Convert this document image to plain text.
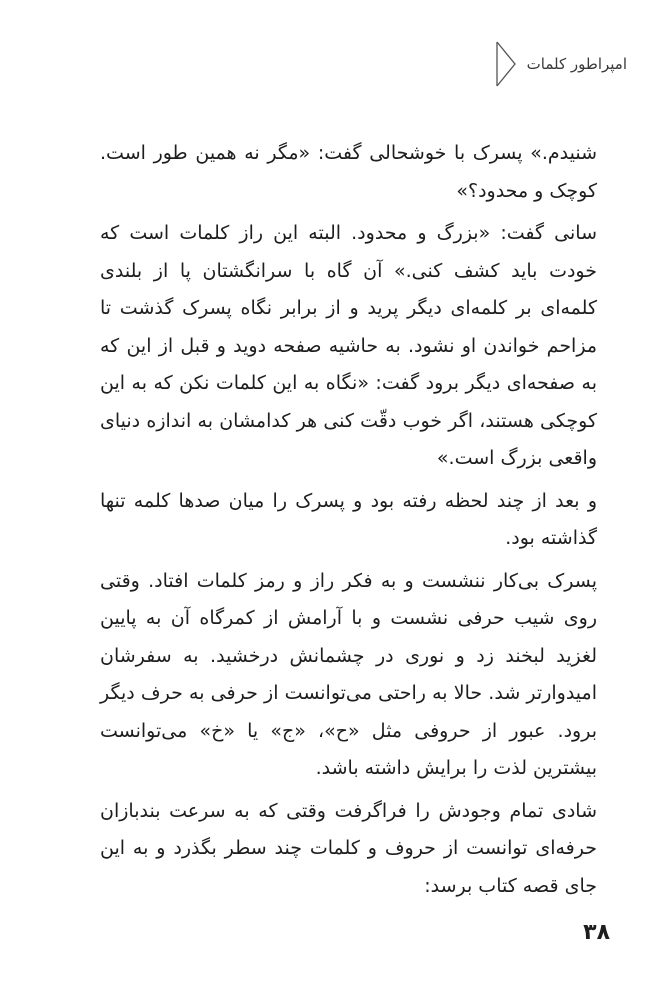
امپراطور کلمات

شنیدم.» پسرک با خوشحالی گفت: «مگر نه همین طور است. کوچک و محدود؟»

سانی گفت: «بزرگ و محدود. البته این راز کلمات است که خودت باید کشف کنی.» آن گاه با سرانگشتان پا از بلندی کلمه‌ای بر کلمه‌ای دیگر پرید و از برابر نگاه پسرک گذشت تا مزاحم خواندن او نشود. به حاشیه صفحه دوید و قبل از این که به صفحه‌ای دیگر برود گفت: «نگاه به این کلمات نکن که به این کوچکی هستند، اگر خوب دقّت کنی هر کدامشان به اندازه دنیای واقعی بزرگ است.»

و بعد از چند لحظه رفته بود و پسرک را میان صدها کلمه تنها گذاشته بود.

پسرک بی‌کار ننشست و به فکر راز و رمز کلمات افتاد. وقتی روی شیب حرفی نشست و با آرامش از کمرگاه آن به پایین لغزید لبخند زد و نوری در چشمانش درخشید. به سفرشان امیدوارتر شد. حالا به راحتی می‌توانست از حرفی به حرف دیگر برود. عبور از حروفی مثل «ح»، «ج» یا «خ» می‌توانست بیشترین لذت را برایش داشته باشد.

شادی تمام وجودش را فراگرفت وقتی که به سرعت بندبازان حرفه‌ای توانست از حروف و کلمات چند سطر بگذرد و به این جای قصه کتاب برسد:

۳۸
